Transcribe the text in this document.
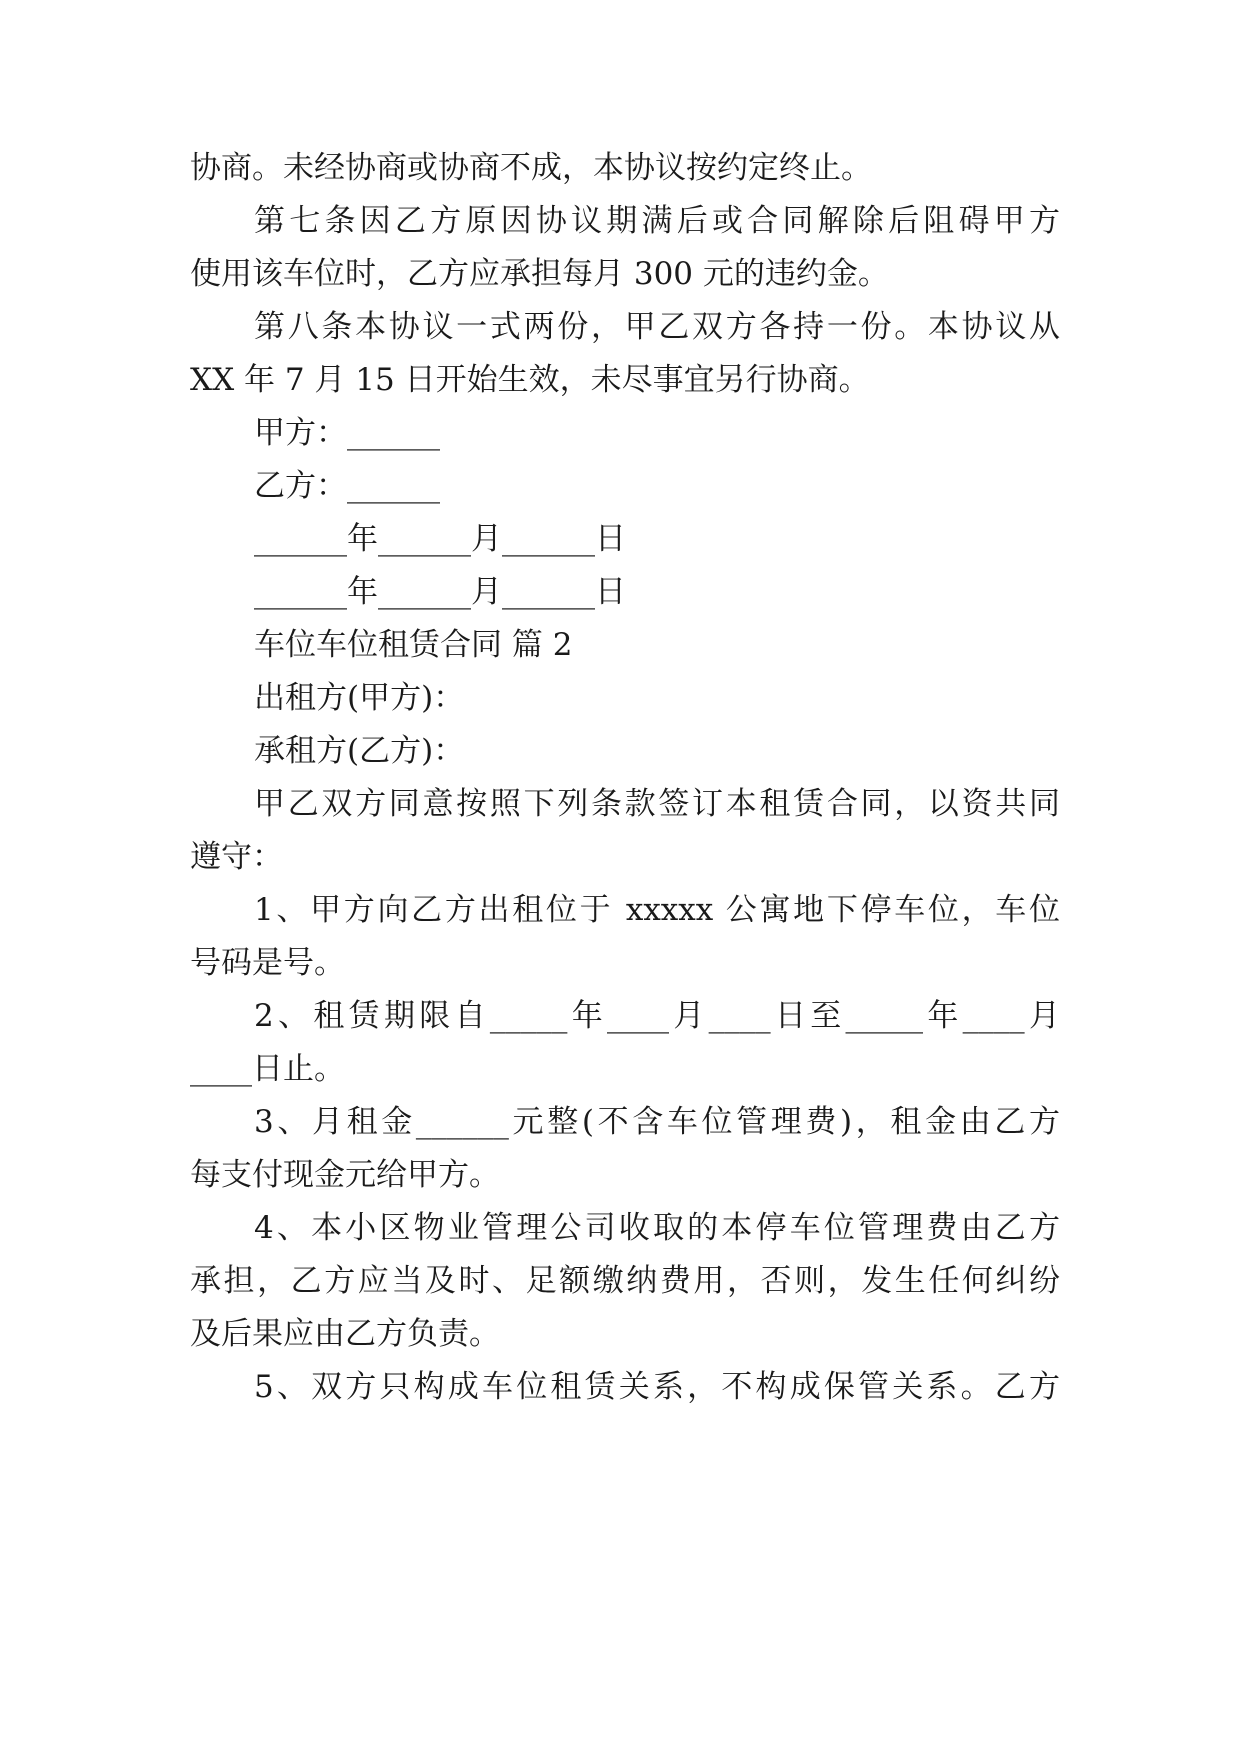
协商。未经协商或协商不成，本协议按约定终止。
第七条因乙方原因协议期满后或合同解除后阻碍甲方
使用该车位时，乙方应承担每月 300 元的违约金。
第八条本协议一式两份，甲乙双方各持一份。本协议从
XX 年 7 月 15 日开始生效，未尽事宜另行协商。
甲方：______
乙方：______
______年______月______日
______年______月______日
车位车位租赁合同 篇 2
出租方(甲方)：
承租方(乙方)：
甲乙双方同意按照下列条款签订本租赁合同，以资共同
遵守：
1、甲方向乙方出租位于 xxxxx 公寓地下停车位，车位
号码是号。
2、租赁期限自_____年____月____日至_____年____月
____日止。
3、月租金______元整(不含车位管理费)，租金由乙方
每支付现金元给甲方。
4、本小区物业管理公司收取的本停车位管理费由乙方
承担，乙方应当及时、足额缴纳费用，否则，发生任何纠纷
及后果应由乙方负责。
5、双方只构成车位租赁关系，不构成保管关系。乙方
